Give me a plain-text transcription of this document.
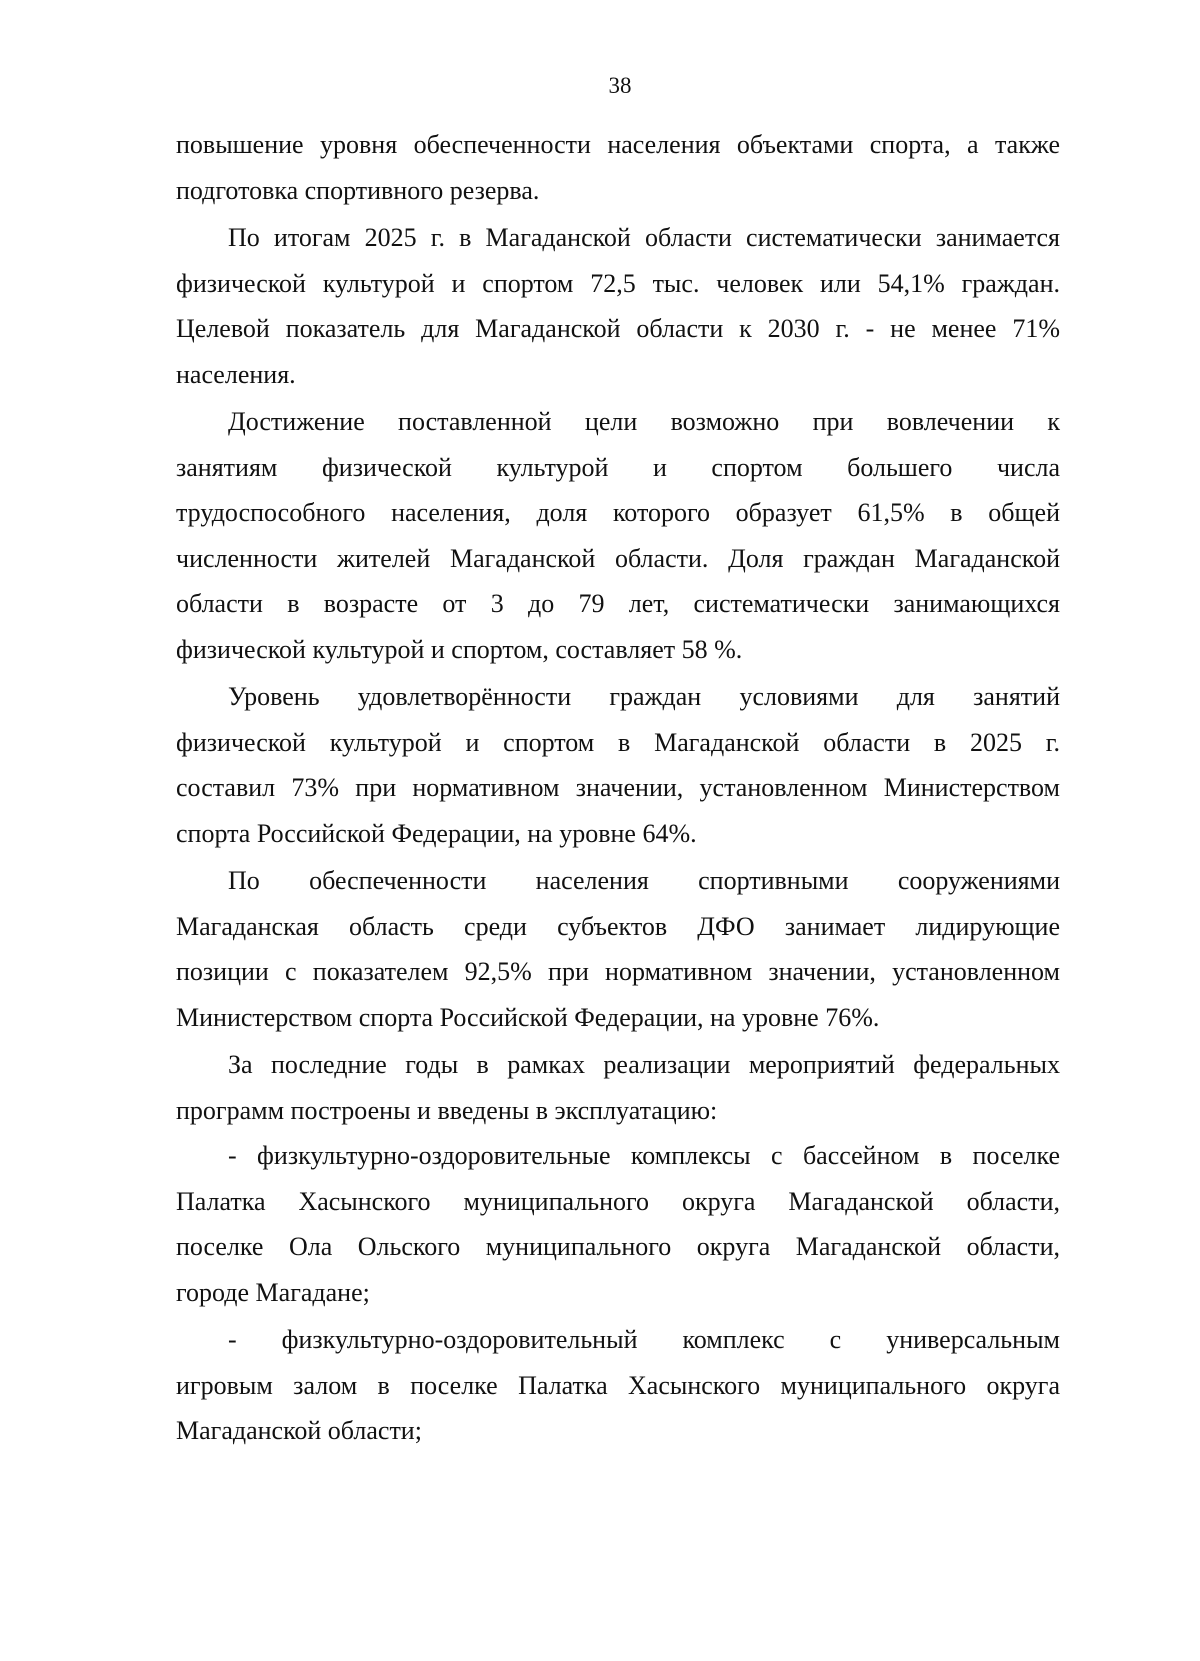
38
повышение уровня обеспеченности населения объектами спорта, а также
подготовка спортивного резерва.
По итогам 2025 г. в Магаданской области систематически занимается
физической культурой и спортом 72,5 тыс. человек или 54,1% граждан.
Целевой показатель для Магаданской области к 2030 г. - не менее 71%
населения.
Достижение поставленной цели возможно при вовлечении к
занятиям физической культурой и спортом большего числа
трудоспособного населения, доля которого образует 61,5% в общей
численности жителей Магаданской области. Доля граждан Магаданской
области в возрасте от 3 до 79 лет, систематически занимающихся
физической культурой и спортом, составляет 58 %.
Уровень удовлетворённости граждан условиями для занятий
физической культурой и спортом в Магаданской области в 2025 г.
составил 73% при нормативном значении, установленном Министерством
спорта Российской Федерации, на уровне 64%.
По обеспеченности населения спортивными сооружениями
Магаданская область среди субъектов ДФО занимает лидирующие
позиции с показателем 92,5% при нормативном значении, установленном
Министерством спорта Российской Федерации, на уровне 76%.
За последние годы в рамках реализации мероприятий федеральных
программ построены и введены в эксплуатацию:
- физкультурно-оздоровительные комплексы с бассейном в поселке
Палатка Хасынского муниципального округа Магаданской области,
поселке Ола Ольского муниципального округа Магаданской области,
городе Магадане;
- физкультурно-оздоровительный комплекс с универсальным
игровым залом в поселке Палатка Хасынского муниципального округа
Магаданской области;
